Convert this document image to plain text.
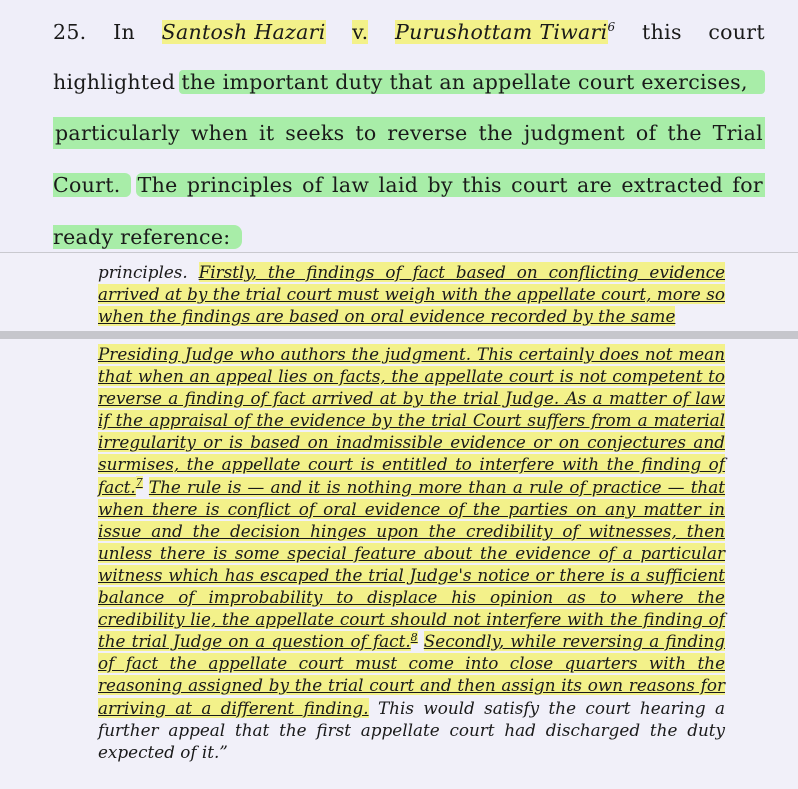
25. In Santosh Hazari v. Purushottam Tiwari$^6$ this court
highlighted the important duty that an appellate court exercises,
particularly when it seeks to reverse the judgment of the Trial
Court. The principles of law laid by this court are extracted for
ready reference:
principles. Firstly, the findings of fact based on conflicting evidence arrived at by the trial court must weigh with the appellate court, more so when the findings are based on oral evidence recorded by the same
Presiding Judge who authors the judgment. This certainly does not mean that when an appeal lies on facts, the appellate court is not competent to reverse a finding of fact arrived at by the trial Judge. As a matter of law if the appraisal of the evidence by the trial Court suffers from a material irregularity or is based on inadmissible evidence or on conjectures and surmises, the appellate court is entitled to interfere with the finding of fact.$^7$ The rule is — and it is nothing more than a rule of practice — that when there is conflict of oral evidence of the parties on any matter in issue and the decision hinges upon the credibility of witnesses, then unless there is some special feature about the evidence of a particular witness which has escaped the trial Judge's notice or there is a sufficient balance of improbability to displace his opinion as to where the credibility lie, the appellate court should not interfere with the finding of the trial Judge on a question of fact.$^8$ Secondly, while reversing a finding of fact the appellate court must come into close quarters with the reasoning assigned by the trial court and then assign its own reasons for arriving at a different finding. This would satisfy the court hearing a further appeal that the first appellate court had discharged the duty expected of it.”
